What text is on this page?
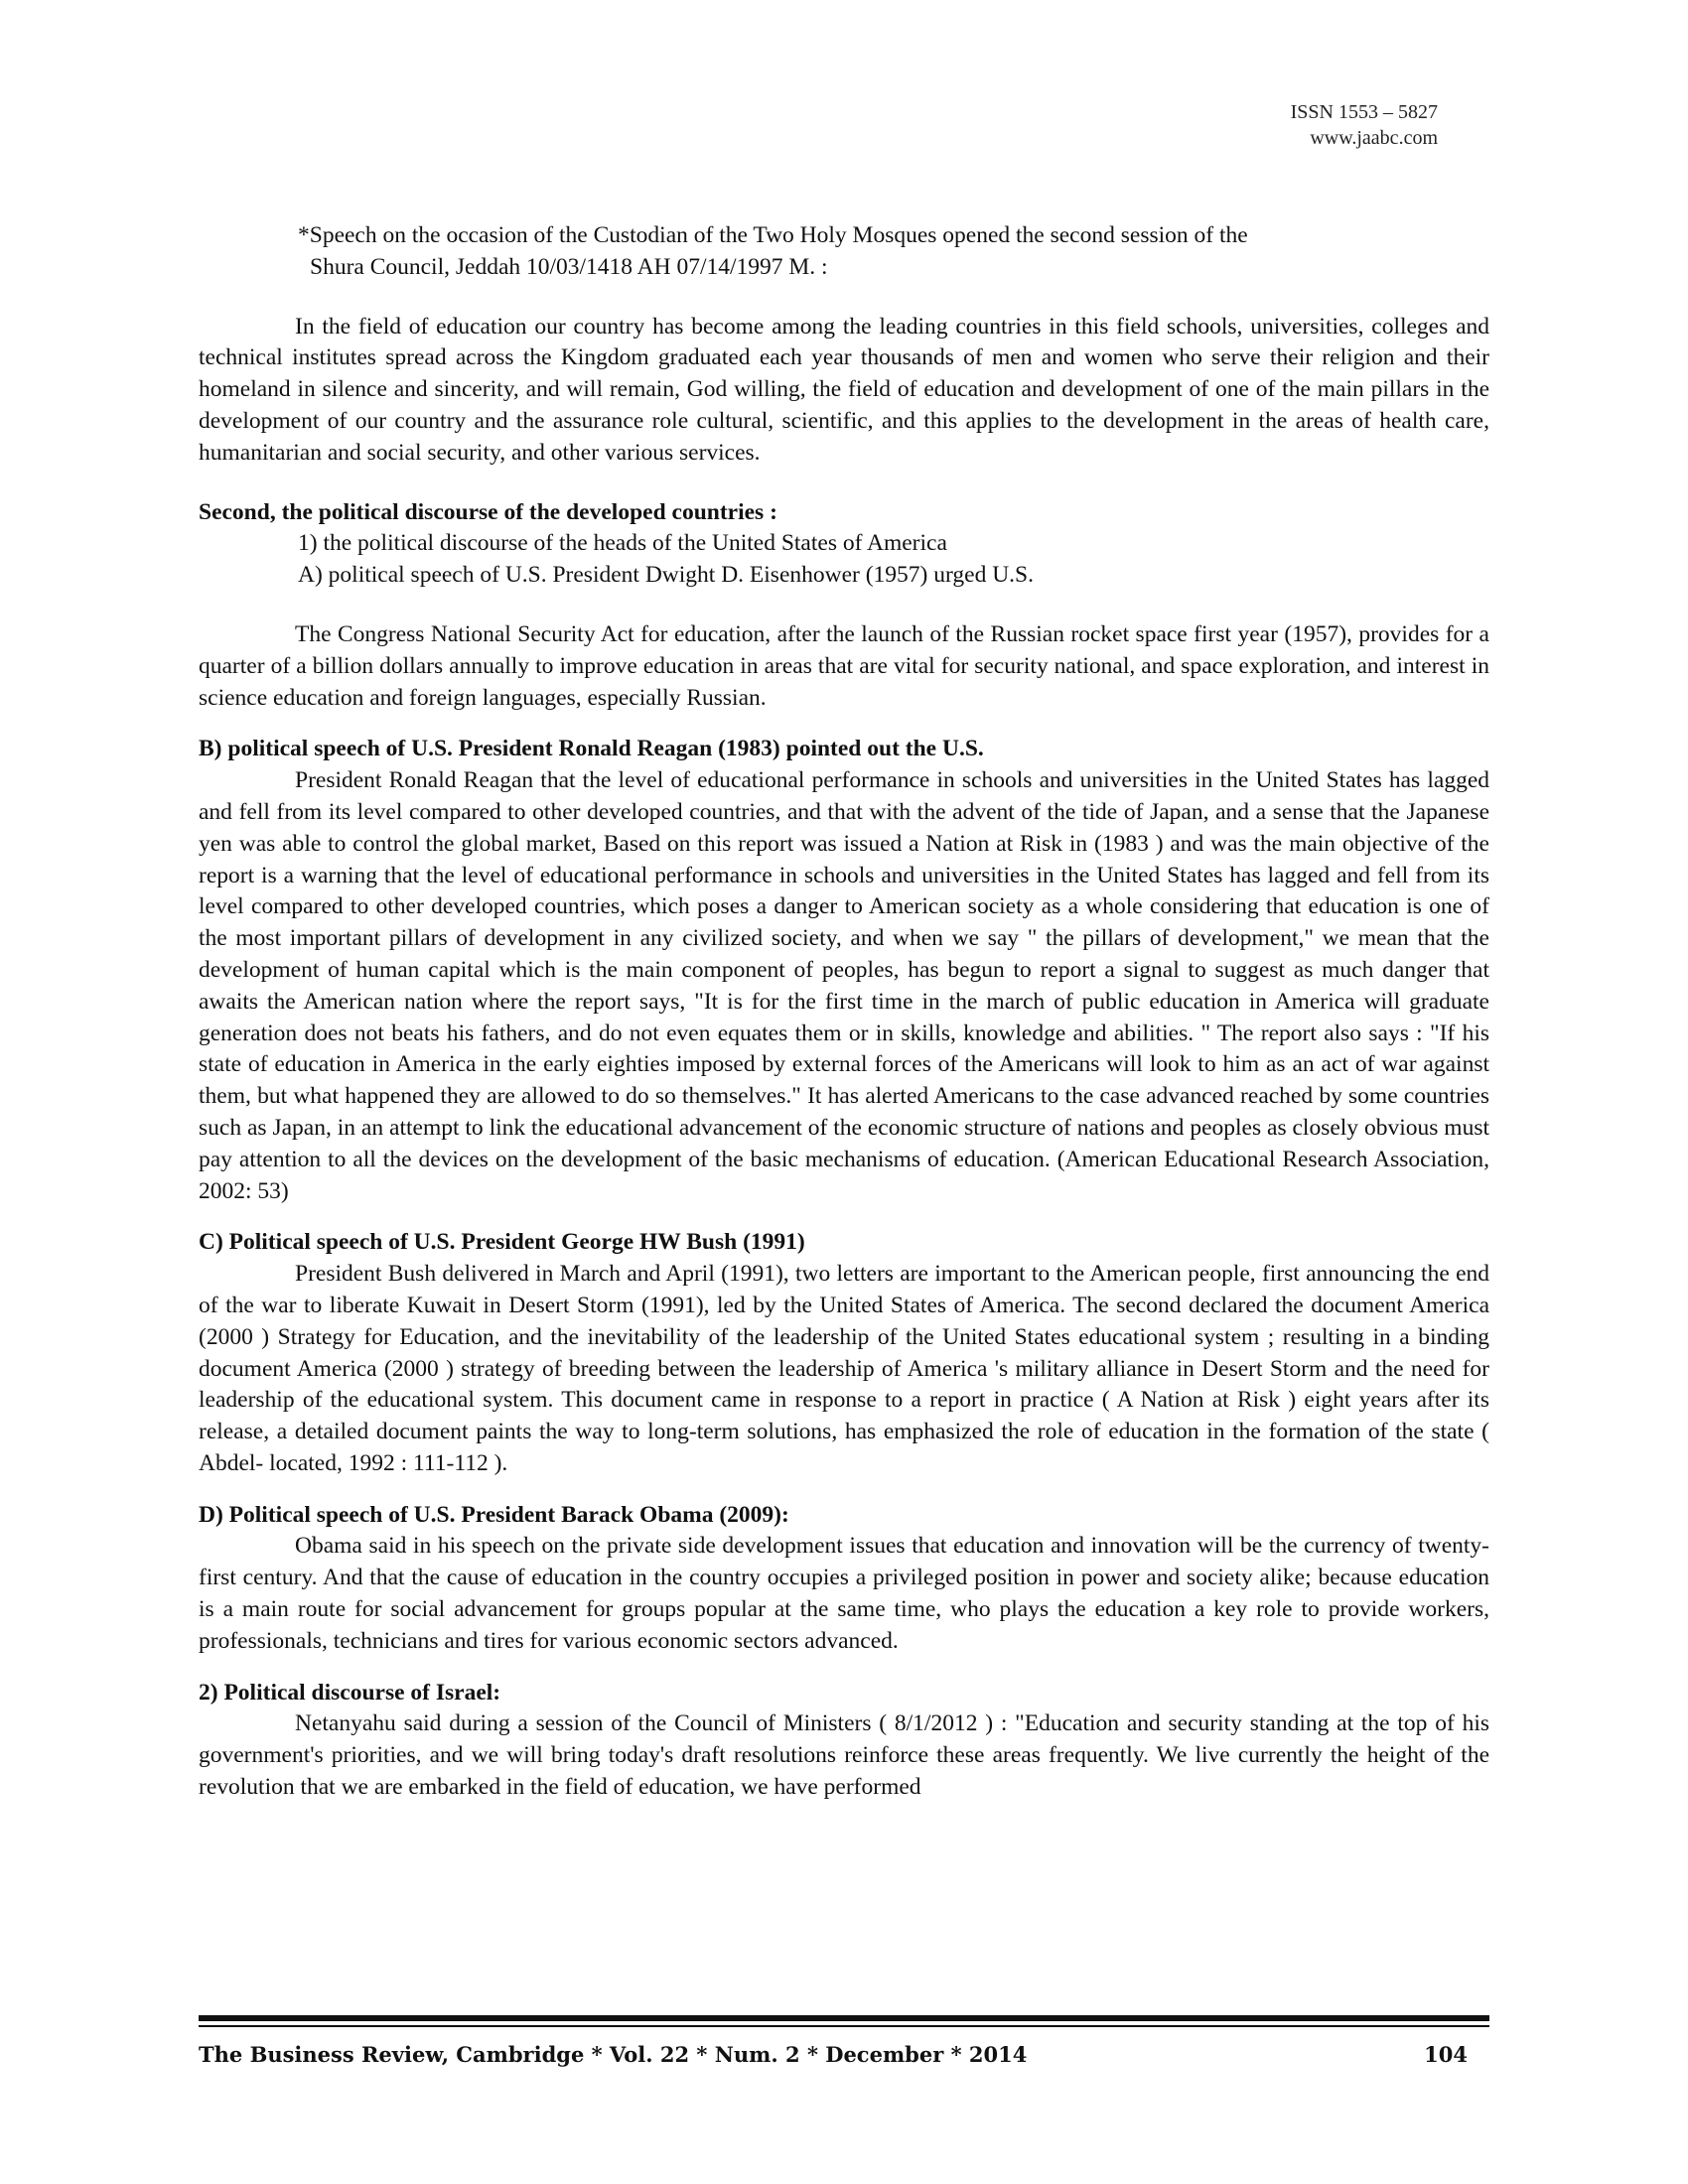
ISSN 1553 – 5827
www.jaabc.com

*Speech on the occasion of the Custodian of the Two Holy Mosques opened the second session of the
Shura Council, Jeddah 10/03/1418 AH 07/14/1997 M. :

In the field of education our country has become among the leading countries in this field schools, universities, colleges and technical institutes spread across the Kingdom graduated each year thousands of men and women who serve their religion and their homeland in silence and sincerity, and will remain, God willing, the field of education and development of one of the main pillars in the development of our country and the assurance role cultural, scientific, and this applies to the development in the areas of health care, humanitarian and social security, and other various services.

Second, the political discourse of the developed countries :

1) the political discourse of the heads of the United States of America

A) political speech of U.S. President Dwight D. Eisenhower (1957) urged U.S.

The Congress National Security Act for education, after the launch of the Russian rocket space first year (1957), provides for a quarter of a billion dollars annually to improve education in areas that are vital for security national, and space exploration, and interest in science education and foreign languages, especially Russian.

B) political speech of U.S. President Ronald Reagan (1983) pointed out the U.S.

President Ronald Reagan that the level of educational performance in schools and universities in the United States has lagged and fell from its level compared to other developed countries, and that with the advent of the tide of Japan, and a sense that the Japanese yen was able to control the global market, Based on this report was issued a Nation at Risk in (1983 ) and was the main objective of the report is a warning that the level of educational performance in schools and universities in the United States has lagged and fell from its level compared to other developed countries, which poses a danger to American society as a whole considering that education is one of the most important pillars of development in any civilized society, and when we say " the pillars of development," we mean that the development of human capital which is the main component of peoples, has begun to report a signal to suggest as much danger that awaits the American nation where the report says, "It is for the first time in the march of public education in America will graduate generation does not beats his fathers, and do not even equates them or in skills, knowledge and abilities. " The report also says : "If his state of education in America in the early eighties imposed by external forces of the Americans will look to him as an act of war against them, but what happened they are allowed to do so themselves." It has alerted Americans to the case advanced reached by some countries such as Japan, in an attempt to link the educational advancement of the economic structure of nations and peoples as closely obvious must pay attention to all the devices on the development of the basic mechanisms of education. (American Educational Research Association, 2002: 53)

C) Political speech of U.S. President George HW Bush (1991)

President Bush delivered in March and April (1991), two letters are important to the American people, first announcing the end of the war to liberate Kuwait in Desert Storm (1991), led by the United States of America. The second declared the document America (2000 ) Strategy for Education, and the inevitability of the leadership of the United States educational system ; resulting in a binding document America (2000 ) strategy of breeding between the leadership of America 's military alliance in Desert Storm and the need for leadership of the educational system. This document came in response to a report in practice ( A Nation at Risk ) eight years after its release, a detailed document paints the way to long-term solutions, has emphasized the role of education in the formation of the state ( Abdel- located, 1992 : 111-112 ).

D) Political speech of U.S. President Barack Obama (2009):

Obama said in his speech on the private side development issues that education and innovation will be the currency of twenty-first century. And that the cause of education in the country occupies a privileged position in power and society alike; because education is a main route for social advancement for groups popular at the same time, who plays the education a key role to provide workers, professionals, technicians and tires for various economic sectors advanced.

2) Political discourse of Israel:

Netanyahu said during a session of the Council of Ministers ( 8/1/2012 ) : "Education and security standing at the top of his government's priorities, and we will bring today's draft resolutions reinforce these areas frequently. We live currently the height of the revolution that we are embarked in the field of education, we have performed

The Business Review, Cambridge * Vol. 22 * Num. 2 * December * 2014	104
